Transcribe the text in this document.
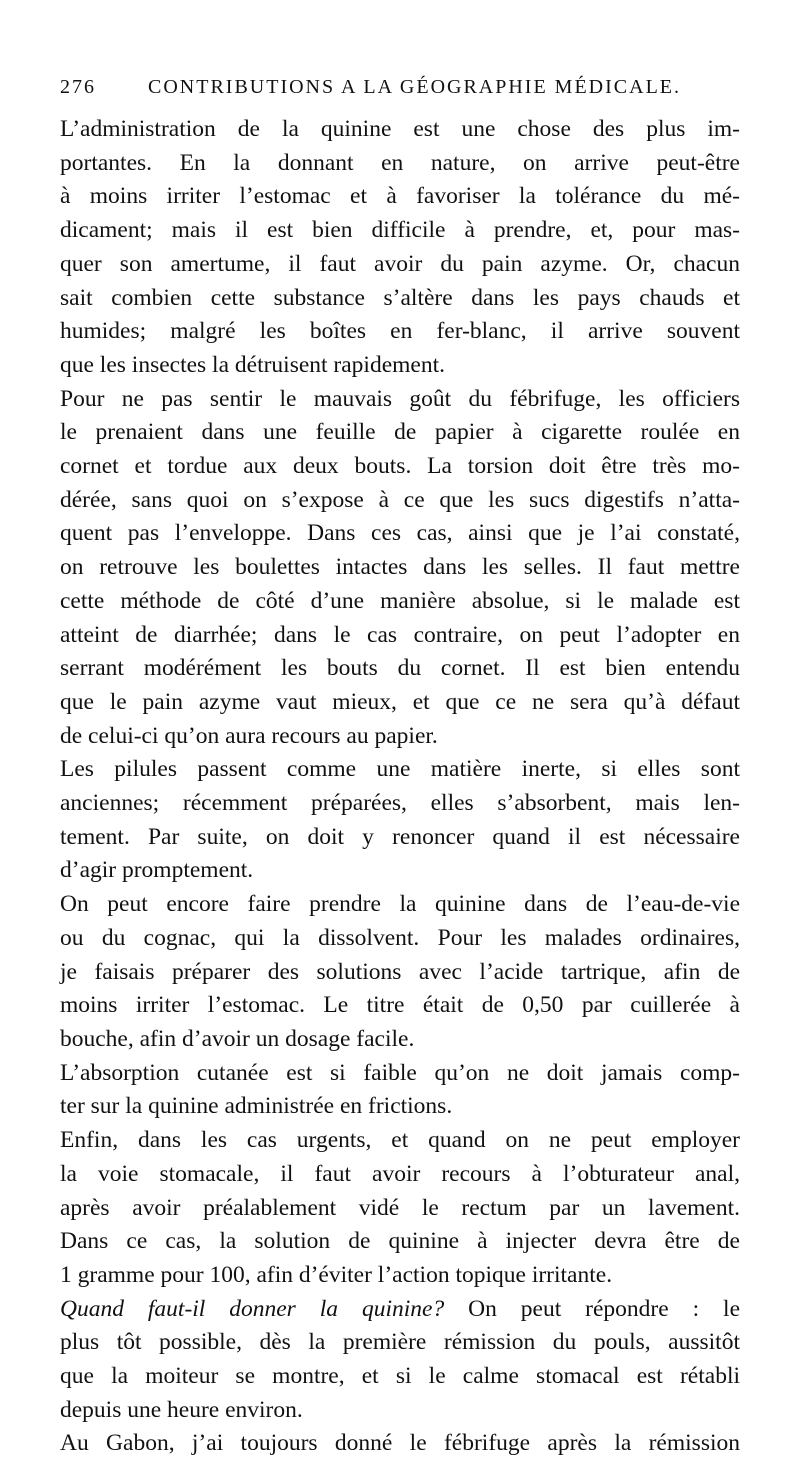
276	CONTRIBUTIONS A LA GÉOGRAPHIE MÉDICALE.

L’administration de la quinine est une chose des plus im-
portantes. En la donnant en nature, on arrive peut-être
à moins irriter l’estomac et à favoriser la tolérance du mé-
dicament; mais il est bien difficile à prendre, et, pour mas-
quer son amertume, il faut avoir du pain azyme. Or, chacun
sait combien cette substance s’altère dans les pays chauds et
humides; malgré les boîtes en fer-blanc, il arrive souvent
que les insectes la détruisent rapidement.

Pour ne pas sentir le mauvais goût du fébrifuge, les officiers
le prenaient dans une feuille de papier à cigarette roulée en
cornet et tordue aux deux bouts. La torsion doit être très mo-
dérée, sans quoi on s’expose à ce que les sucs digestifs n’atta-
quent pas l’enveloppe. Dans ces cas, ainsi que je l’ai constaté,
on retrouve les boulettes intactes dans les selles. Il faut mettre
cette méthode de côté d’une manière absolue, si le malade est
atteint de diarrhée; dans le cas contraire, on peut l’adopter en
serrant modérément les bouts du cornet. Il est bien entendu
que le pain azyme vaut mieux, et que ce ne sera qu’à défaut
de celui-ci qu’on aura recours au papier.

Les pilules passent comme une matière inerte, si elles sont
anciennes; récemment préparées, elles s’absorbent, mais len-
tement. Par suite, on doit y renoncer quand il est nécessaire
d’agir promptement.

On peut encore faire prendre la quinine dans de l’eau-de-vie
ou du cognac, qui la dissolvent. Pour les malades ordinaires,
je faisais préparer des solutions avec l’acide tartrique, afin de
moins irriter l’estomac. Le titre était de 0,50 par cuillerée à
bouche, afin d’avoir un dosage facile.

L’absorption cutanée est si faible qu’on ne doit jamais comp-
ter sur la quinine administrée en frictions.

Enfin, dans les cas urgents, et quand on ne peut employer
la voie stomacale, il faut avoir recours à l’obturateur anal,
après avoir préalablement vidé le rectum par un lavement.
Dans ce cas, la solution de quinine à injecter devra être de
1 gramme pour 100, afin d’éviter l’action topique irritante.

Quand faut-il donner la quinine? On peut répondre : le
plus tôt possible, dès la première rémission du pouls, aussitôt
que la moiteur se montre, et si le calme stomacal est rétabli
depuis une heure environ.

Au Gabon, j’ai toujours donné le fébrifuge après la rémission
